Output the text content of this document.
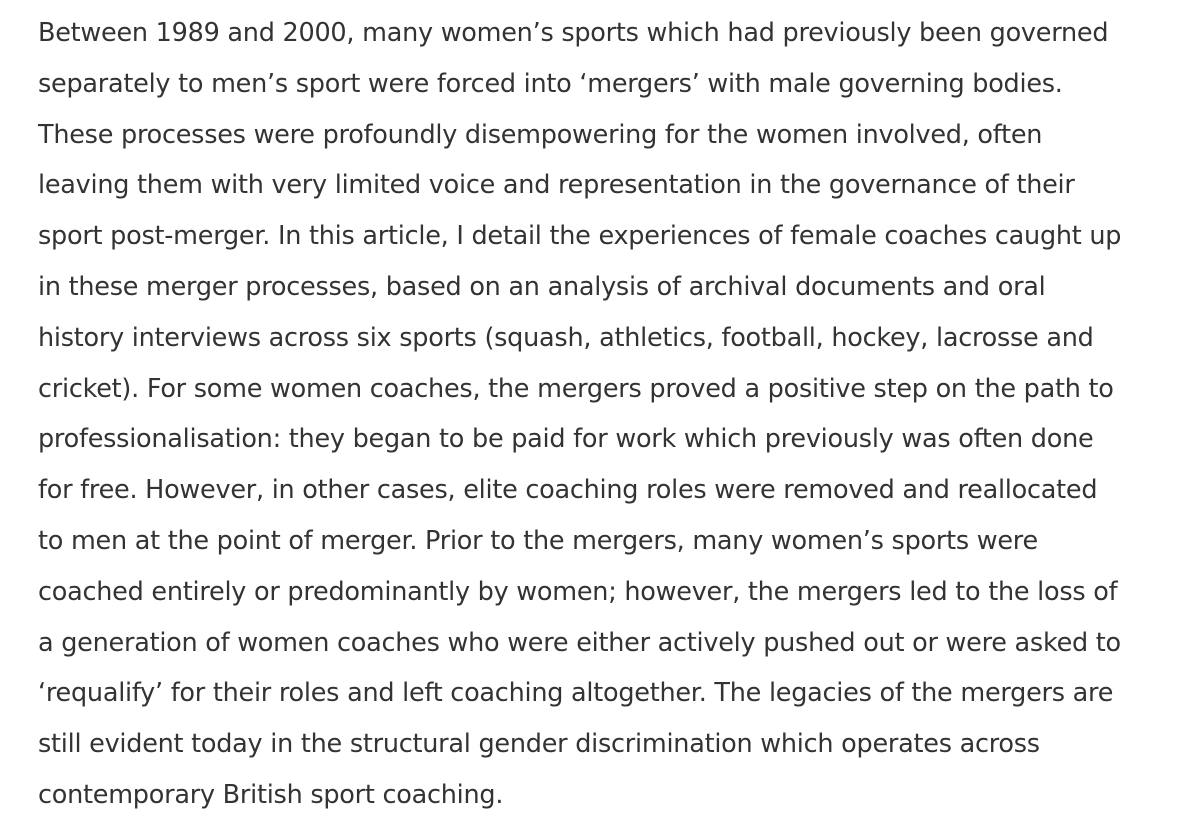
Between 1989 and 2000, many women’s sports which had previously been governed
separately to men’s sport were forced into ‘mergers’ with male governing bodies.
These processes were profoundly disempowering for the women involved, often
leaving them with very limited voice and representation in the governance of their
sport post-merger. In this article, I detail the experiences of female coaches caught up
in these merger processes, based on an analysis of archival documents and oral
history interviews across six sports (squash, athletics, football, hockey, lacrosse and
cricket). For some women coaches, the mergers proved a positive step on the path to
professionalisation: they began to be paid for work which previously was often done
for free. However, in other cases, elite coaching roles were removed and reallocated
to men at the point of merger. Prior to the mergers, many women’s sports were
coached entirely or predominantly by women; however, the mergers led to the loss of
a generation of women coaches who were either actively pushed out or were asked to
‘requalify’ for their roles and left coaching altogether. The legacies of the mergers are
still evident today in the structural gender discrimination which operates across
contemporary British sport coaching.
